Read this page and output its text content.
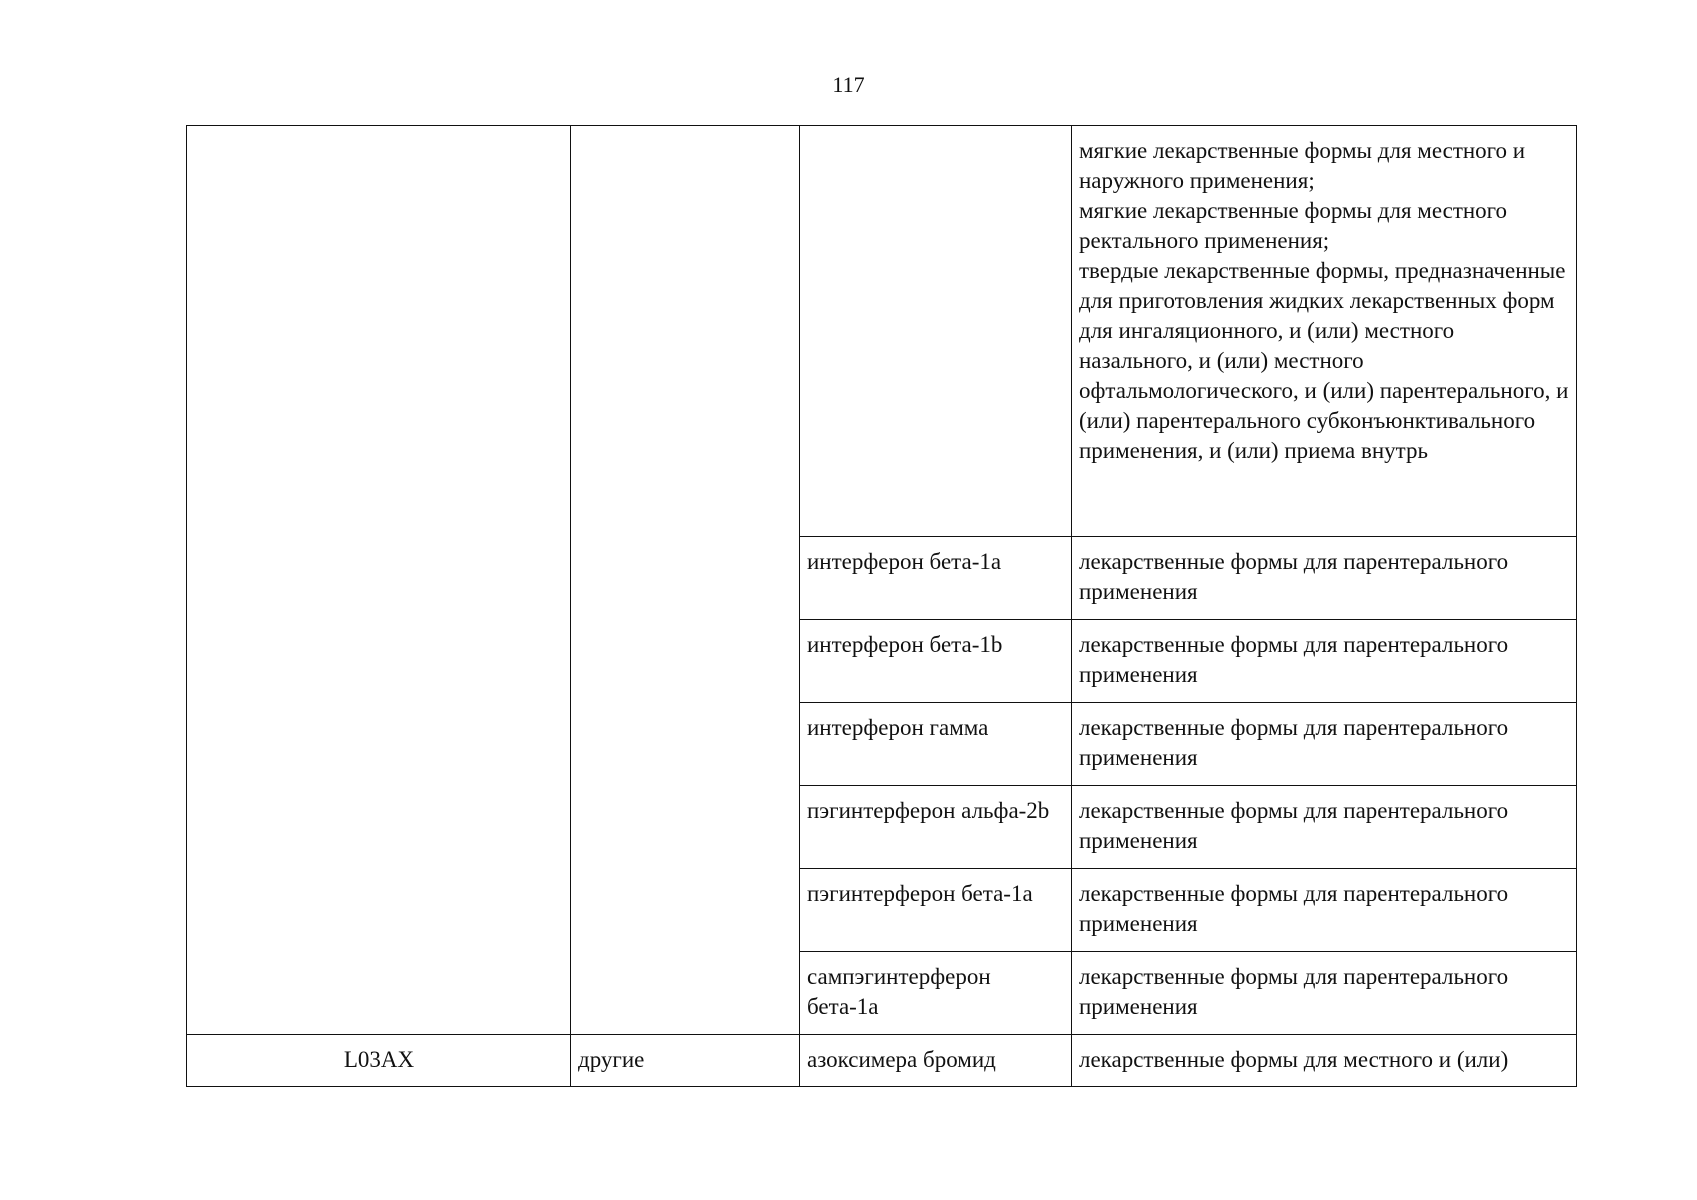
117
			мягкие лекарственные формы для местного и наружного применения;
мягкие лекарственные формы для местного ректального применения;
твердые лекарственные формы, предназначенные для приготовления жидких лекарственных форм для ингаляционного, и (или) местного назального, и (или) местного офтальмологического, и (или) парентерального, и (или) парентерального субконъюнктивального применения, и (или) приема внутрь
		интерферон бета-1a	лекарственные формы для парентерального применения
		интерферон бета-1b	лекарственные формы для парентерального применения
		интерферон гамма	лекарственные формы для парентерального применения
		пэгинтерферон альфа-2b	лекарственные формы для парентерального применения
		пэгинтерферон бета-1a	лекарственные формы для парентерального применения
		сампэгинтерферон бета-1a	лекарственные формы для парентерального применения
L03AX	другие	азоксимера бромид	лекарственные формы для местного и (или)
